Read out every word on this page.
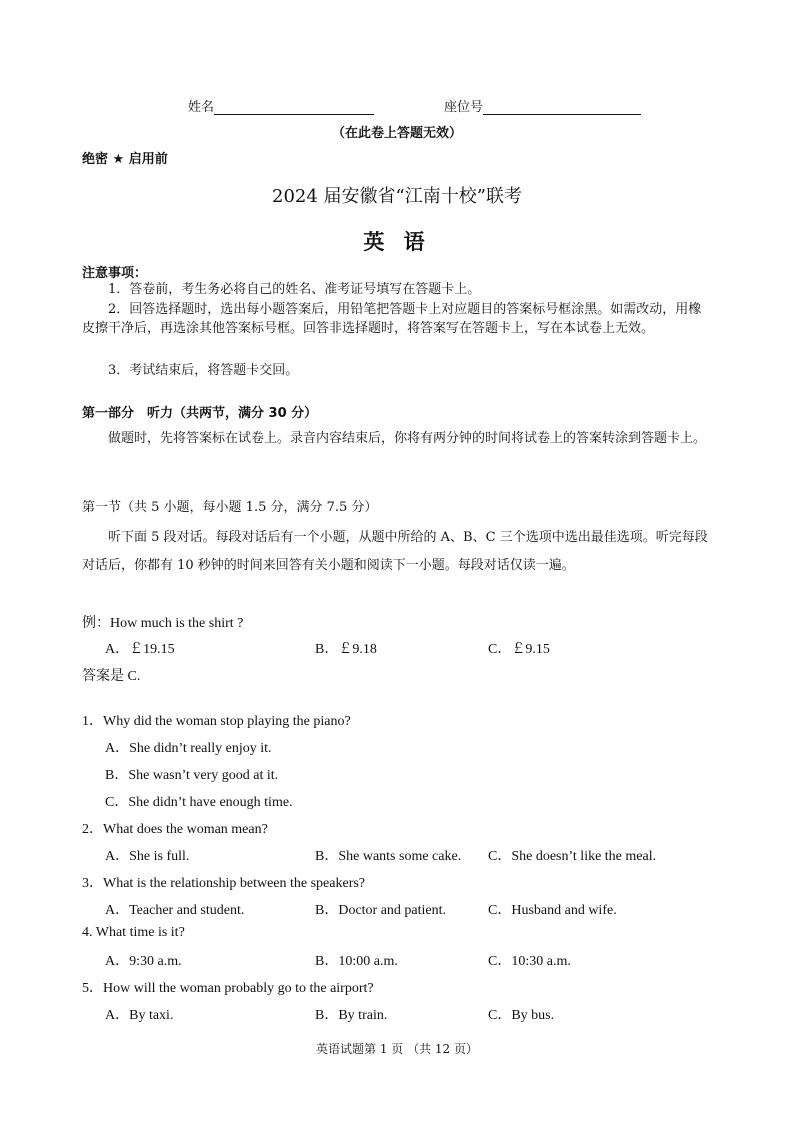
姓名	座位号
（在此卷上答题无效）
绝密 ★ 启用前
2024 届安徽省“江南十校”联考
英 语
注意事项：
1．答卷前，考生务必将自己的姓名、准考证号填写在答题卡上。
2．回答选择题时，选出每小题答案后，用铅笔把答题卡上对应题目的答案标号框涂黑。如需改动，用橡皮擦干净后，再选涂其他答案标号框。回答非选择题时，将答案写在答题卡上，写在本试卷上无效。
3．考试结束后，将答题卡交回。
第一部分　听力（共两节，满分 30 分）
做题时，先将答案标在试卷上。录音内容结束后，你将有两分钟的时间将试卷上的答案转涂到答题卡上。
第一节（共 5 小题，每小题 1.5 分，满分 7.5 分）
听下面 5 段对话。每段对话后有一个小题，从题中所给的 A、B、C 三个选项中选出最佳选项。听完每段对话后，你都有 10 秒钟的时间来回答有关小题和阅读下一小题。每段对话仅读一遍。
例：How much is the shirt ?
A．￡19.15	B．￡9.18	C．￡9.15
答案是 C.
1．Why did the woman stop playing the piano?
A．She didn’t really enjoy it.
B．She wasn’t very good at it.
C．She didn’t have enough time.
2．What does the woman mean?
A．She is full.	B．She wants some cake. C．She doesn’t like the meal.
3．What is the relationship between the speakers?
A．Teacher and student.	B．Doctor and patient.	C．Husband and wife.
4. What time is it?
A．9:30 a.m.	B．10:00 a.m.	C．10:30 a.m.
5．How will the woman probably go to the airport?
A．By taxi.	B．By train.	C．By bus.
英语试题第 1 页 （共 12 页）
